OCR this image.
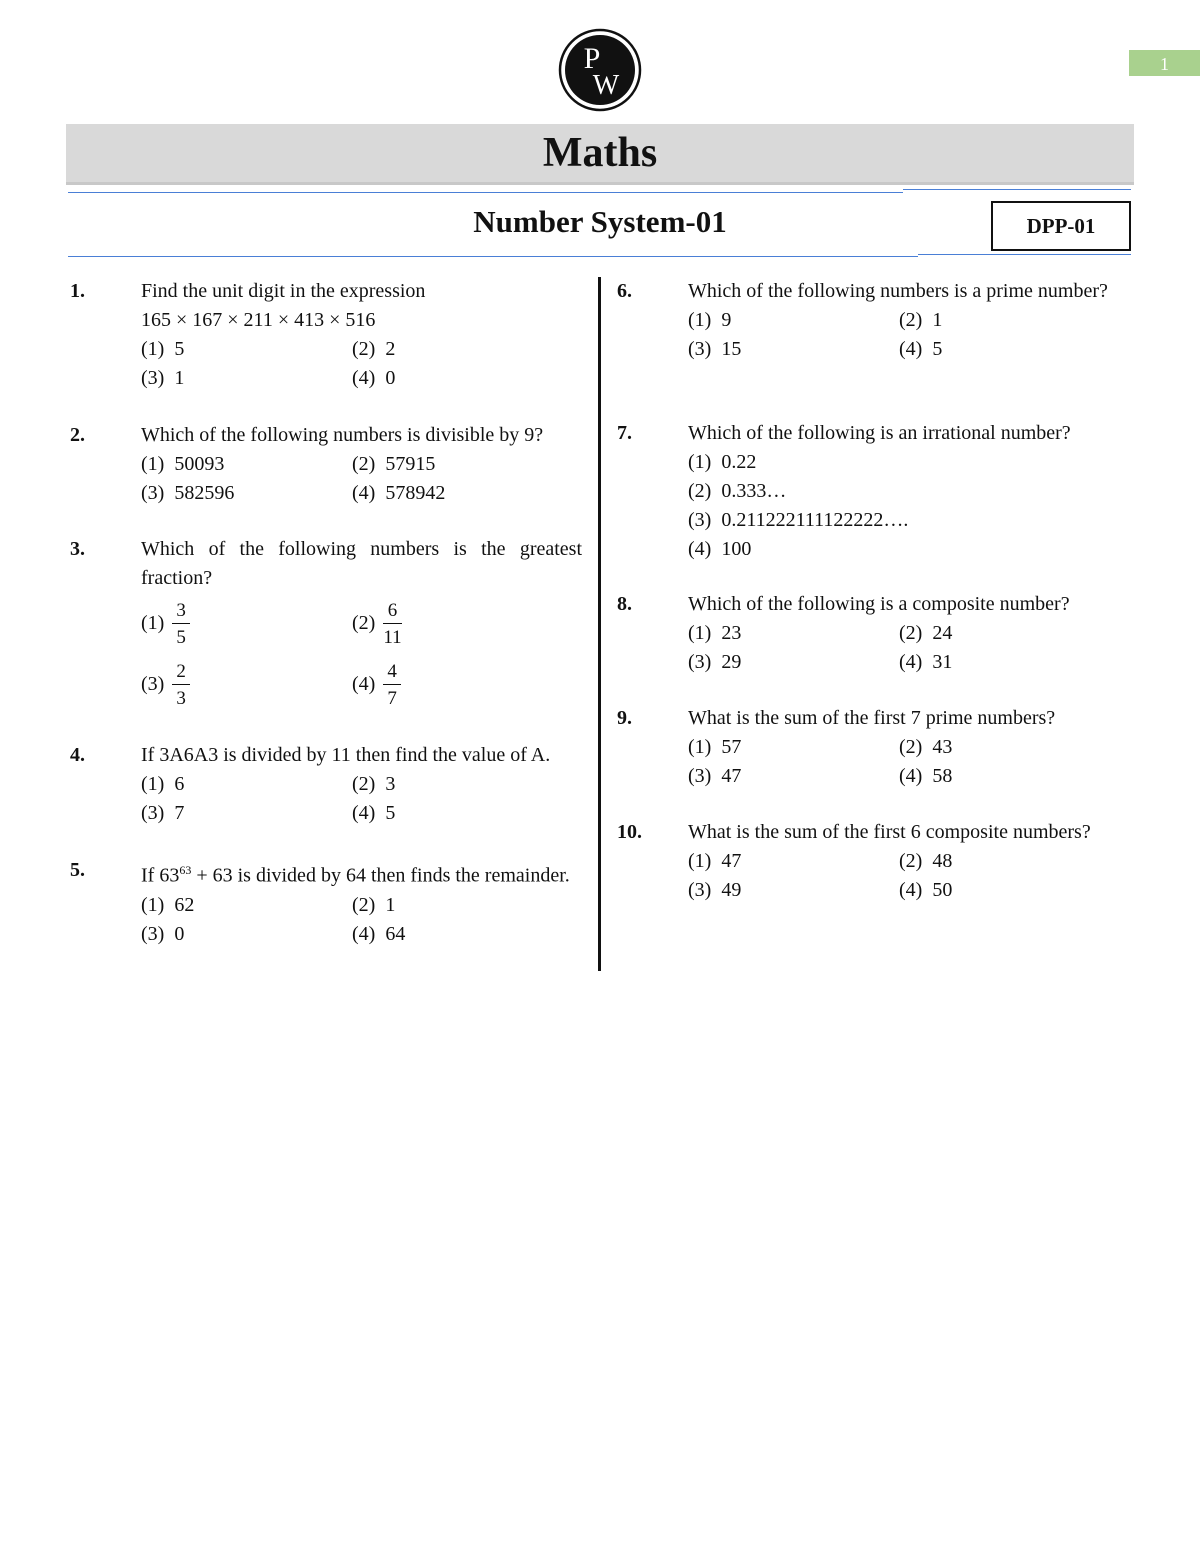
P
W
1
Maths
Number System-01	DPP-01
1.	Find the unit digit in the expression
165 × 167 × 211 × 413 × 516
(1) 5	(2) 2
(3) 1	(4) 0
2.	Which of the following numbers is divisible by 9?
(1) 50093	(2) 57915
(3) 582596	(4) 578942
3.	Which of the following numbers is the greatest fraction?
$(1) \frac{3}{5}$	$(2) \frac{6}{11}$
$(3) \frac{2}{3}$	$(4) \frac{4}{7}$
4.	If 3A6A3 is divided by 11 then find the value of A.
(1) 6	(2) 3
(3) 7	(4) 5
5.	If $63^{63} + 63$ is divided by 64 then finds the remainder.
(1) 62	(2) 1
(3) 0	(4) 64
6.	Which of the following numbers is a prime number?
(1) 9	(2) 1
(3) 15	(4) 5
7.	Which of the following is an irrational number?
(1) 0.22
(2) 0.333…
(3) 0.211222111122222….
(4) 100
8.	Which of the following is a composite number?
(1) 23	(2) 24
(3) 29	(4) 31
9.	What is the sum of the first 7 prime numbers?
(1) 57	(2) 43
(3) 47	(4) 58
10. What is the sum of the first 6 composite numbers?
(1) 47	(2) 48
(3) 49	(4) 50
